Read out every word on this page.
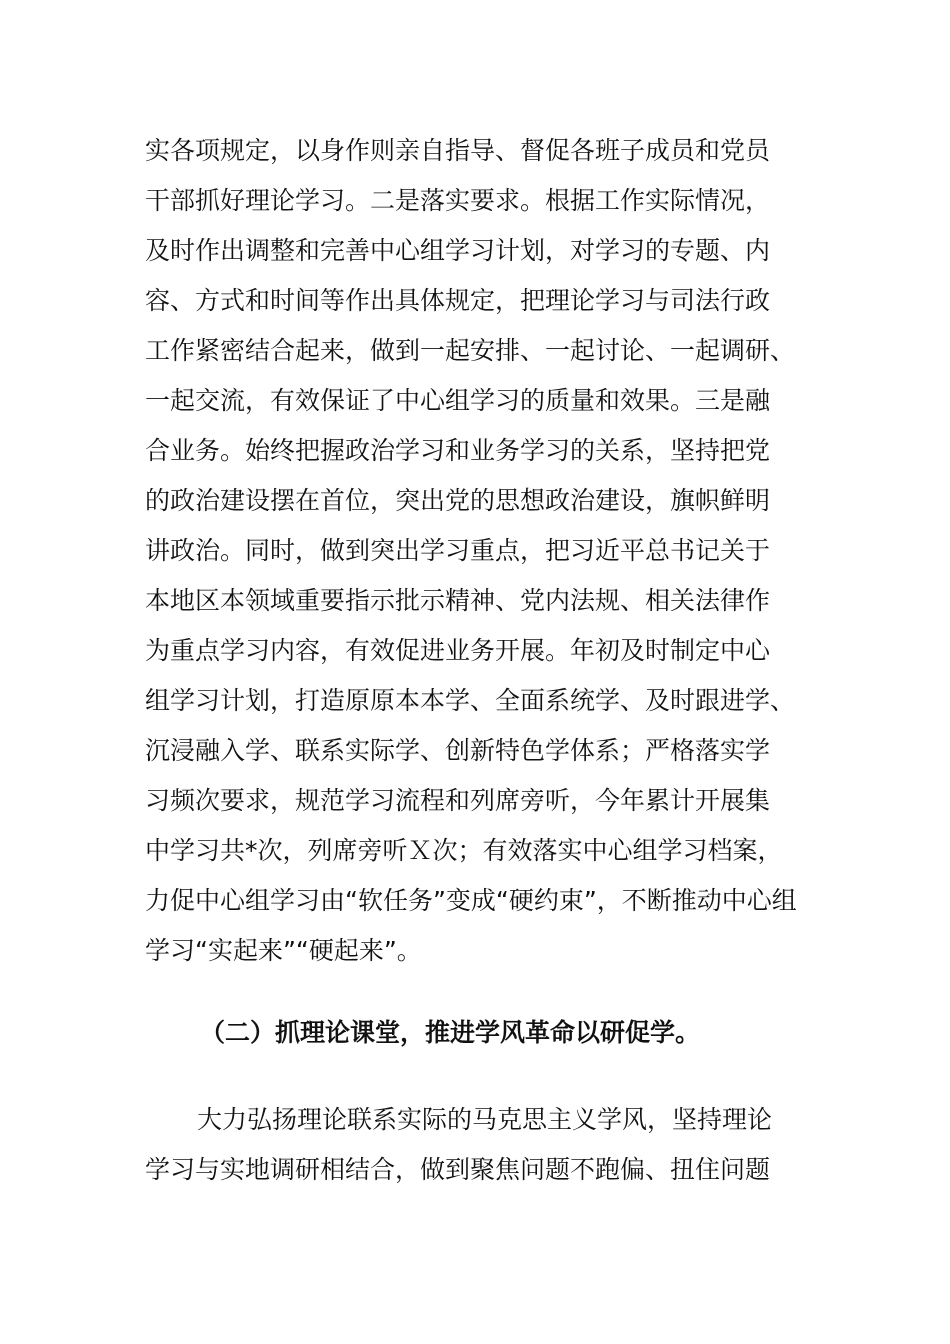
实各项规定，以身作则亲自指导、督促各班子成员和党员
干部抓好理论学习。二是落实要求。根据工作实际情况，
及时作出调整和完善中心组学习计划，对学习的专题、内
容、方式和时间等作出具体规定，把理论学习与司法行政
工作紧密结合起来，做到一起安排、一起讨论、一起调研、
一起交流，有效保证了中心组学习的质量和效果。三是融
合业务。始终把握政治学习和业务学习的关系，坚持把党
的政治建设摆在首位，突出党的思想政治建设，旗帜鲜明
讲政治。同时，做到突出学习重点，把习近平总书记关于
本地区本领域重要指示批示精神、党内法规、相关法律作
为重点学习内容，有效促进业务开展。年初及时制定中心
组学习计划，打造原原本本学、全面系统学、及时跟进学、
沉浸融入学、联系实际学、创新特色学体系；严格落实学
习频次要求，规范学习流程和列席旁听，今年累计开展集
中学习共*次，列席旁听Ｘ次；有效落实中心组学习档案，
力促中心组学习由“软任务”变成“硬约束”，不断推动中心组
学习“实起来”“硬起来”。
（二）抓理论课堂，推进学风革命以研促学。
大力弘扬理论联系实际的马克思主义学风，坚持理论
学习与实地调研相结合，做到聚焦问题不跑偏、扭住问题
